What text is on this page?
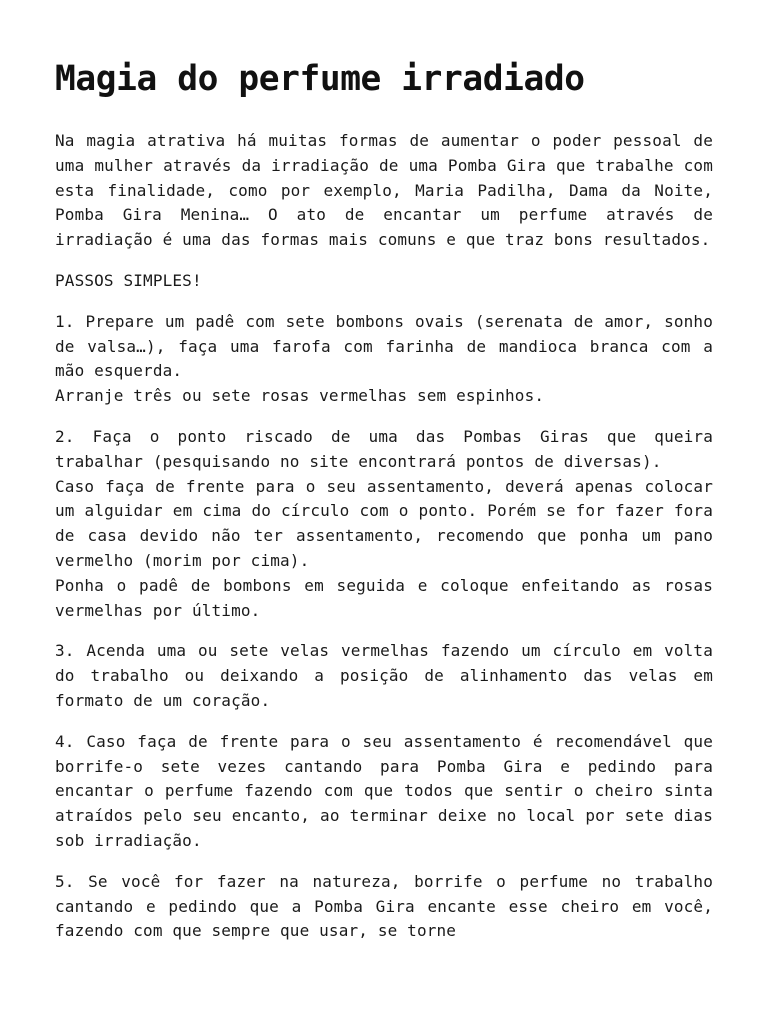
Magia do perfume irradiado

Na magia atrativa há muitas formas de aumentar o poder pessoal de uma mulher através da irradiação de uma Pomba Gira que trabalhe com esta finalidade, como por exemplo, Maria Padilha, Dama da Noite, Pomba Gira Menina… O ato de encantar um perfume através de irradiação é uma das formas mais comuns e que traz bons resultados.

PASSOS SIMPLES!

1. Prepare um padê com sete bombons ovais (serenata de amor, sonho de valsa…), faça uma farofa com farinha de mandioca branca com a mão esquerda.
Arranje três ou sete rosas vermelhas sem espinhos.

2. Faça o ponto riscado de uma das Pombas Giras que queira trabalhar (pesquisando no site encontrará pontos de diversas).
Caso faça de frente para o seu assentamento, deverá apenas colocar um alguidar em cima do círculo com o ponto. Porém se for fazer fora de casa devido não ter assentamento, recomendo que ponha um pano vermelho (morim por cima).
Ponha o padê de bombons em seguida e coloque enfeitando as rosas vermelhas por último.

3. Acenda uma ou sete velas vermelhas fazendo um círculo em volta do trabalho ou deixando a posição de alinhamento das velas em formato de um coração.

4. Caso faça de frente para o seu assentamento é recomendável que borrife-o sete vezes cantando para Pomba Gira e pedindo para encantar o perfume fazendo com que todos que sentir o cheiro sinta atraídos pelo seu encanto, ao terminar deixe no local por sete dias sob irradiação.

5. Se você for fazer na natureza, borrife o perfume no trabalho cantando e pedindo que a Pomba Gira encante esse cheiro em você, fazendo com que sempre que usar, se torne
